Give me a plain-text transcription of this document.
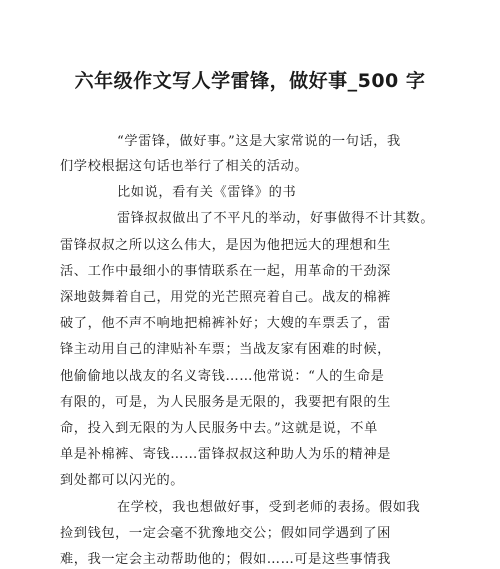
六年级作文写人学雷锋，做好事_500 字

“学雷锋，做好事。”这是大家常说的一句话，我

们学校根据这句话也举行了相关的活动。

比如说，看有关《雷锋》的书

雷锋叔叔做出了不平凡的举动，好事做得不计其数。

雷锋叔叔之所以这么伟大，是因为他把远大的理想和生

活、工作中最细小的事情联系在一起，用革命的干劲深

深地鼓舞着自己，用党的光芒照亮着自己。战友的棉裤

破了，他不声不响地把棉裤补好；大嫂的车票丢了，雷

锋主动用自己的津贴补车票；当战友家有困难的时候，

他偷偷地以战友的名义寄钱……他常说：“人的生命是

有限的，可是，为人民服务是无限的，我要把有限的生

命，投入到无限的为人民服务中去。”这就是说，不单

单是补棉裤、寄钱……雷锋叔叔这种助人为乐的精神是

到处都可以闪光的。

在学校，我也想做好事，受到老师的表扬。假如我

捡到钱包，一定会毫不犹豫地交公；假如同学遇到了困

难，我一定会主动帮助他的；假如……可是这些事情我
